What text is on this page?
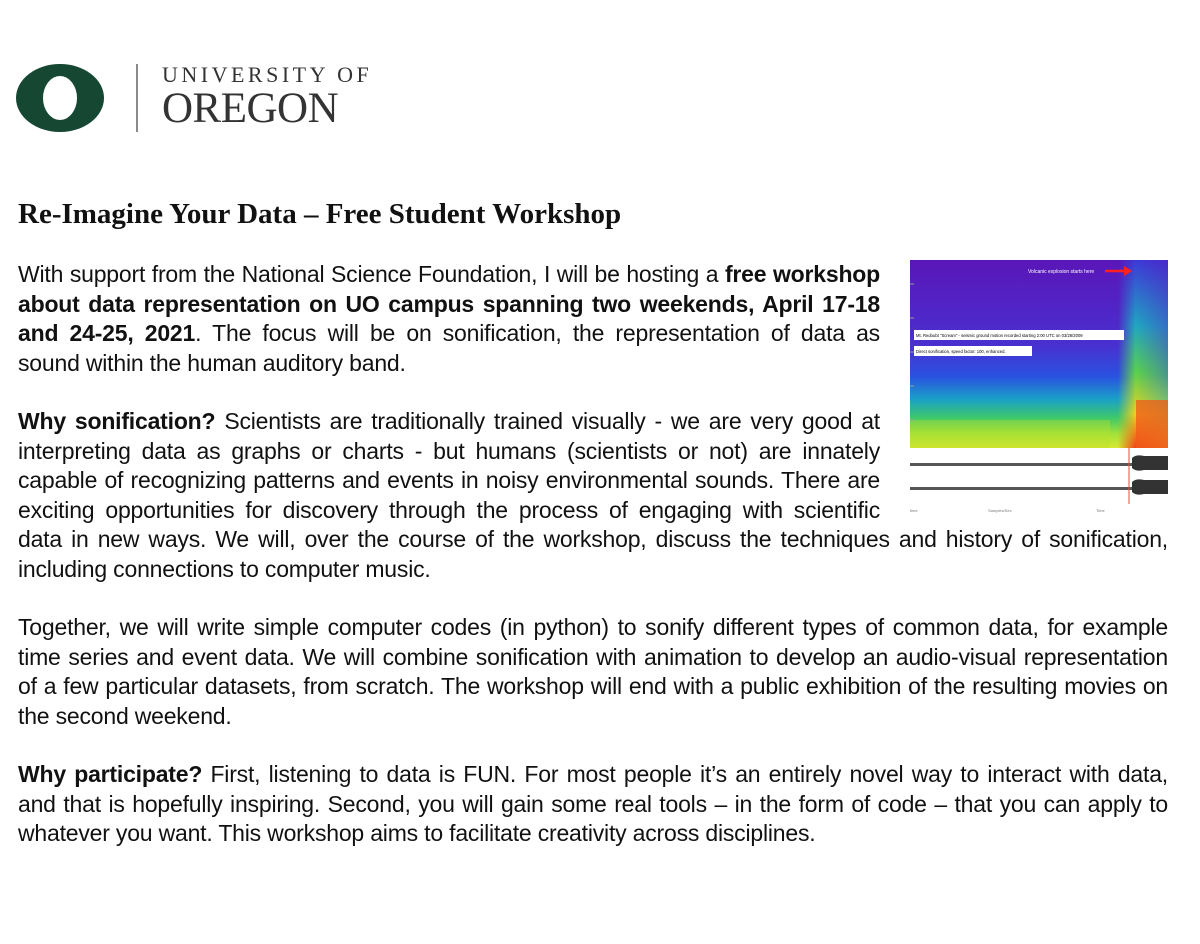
UNIVERSITY OF
OREGON
Re-Imagine Your Data – Free Student Workshop
Volcanic explosion starts here
Mt. Redoubt "Scream" - seismic ground motion recorded starting 2:00 UTC on 03/28/2009
Direct sonification, speed factor: 100, enhanced.
time	Samples/Sec	Time

With support from the National Science Foundation, I will be hosting a free workshop about data representation on UO campus spanning two weekends, April 17-18 and 24-25, 2021. The focus will be on sonification, the representation of data as sound within the human auditory band.

Why sonification? Scientists are traditionally trained visually - we are very good at interpreting data as graphs or charts - but humans (scientists or not) are innately capable of recognizing patterns and events in noisy environmental sounds. There are exciting opportunities for discovery through the process of engaging with scientific data in new ways. We will, over the course of the workshop, discuss the techniques and history of sonification, including connections to computer music.

Together, we will write simple computer codes (in python) to sonify different types of common data, for example time series and event data. We will combine sonification with animation to develop an audio-visual representation of a few particular datasets, from scratch. The workshop will end with a public exhibition of the resulting movies on the second weekend.

Why participate? First, listening to data is FUN. For most people it’s an entirely novel way to interact with data, and that is hopefully inspiring. Second, you will gain some real tools – in the form of code – that you can apply to whatever you want. This workshop aims to facilitate creativity across disciplines.
